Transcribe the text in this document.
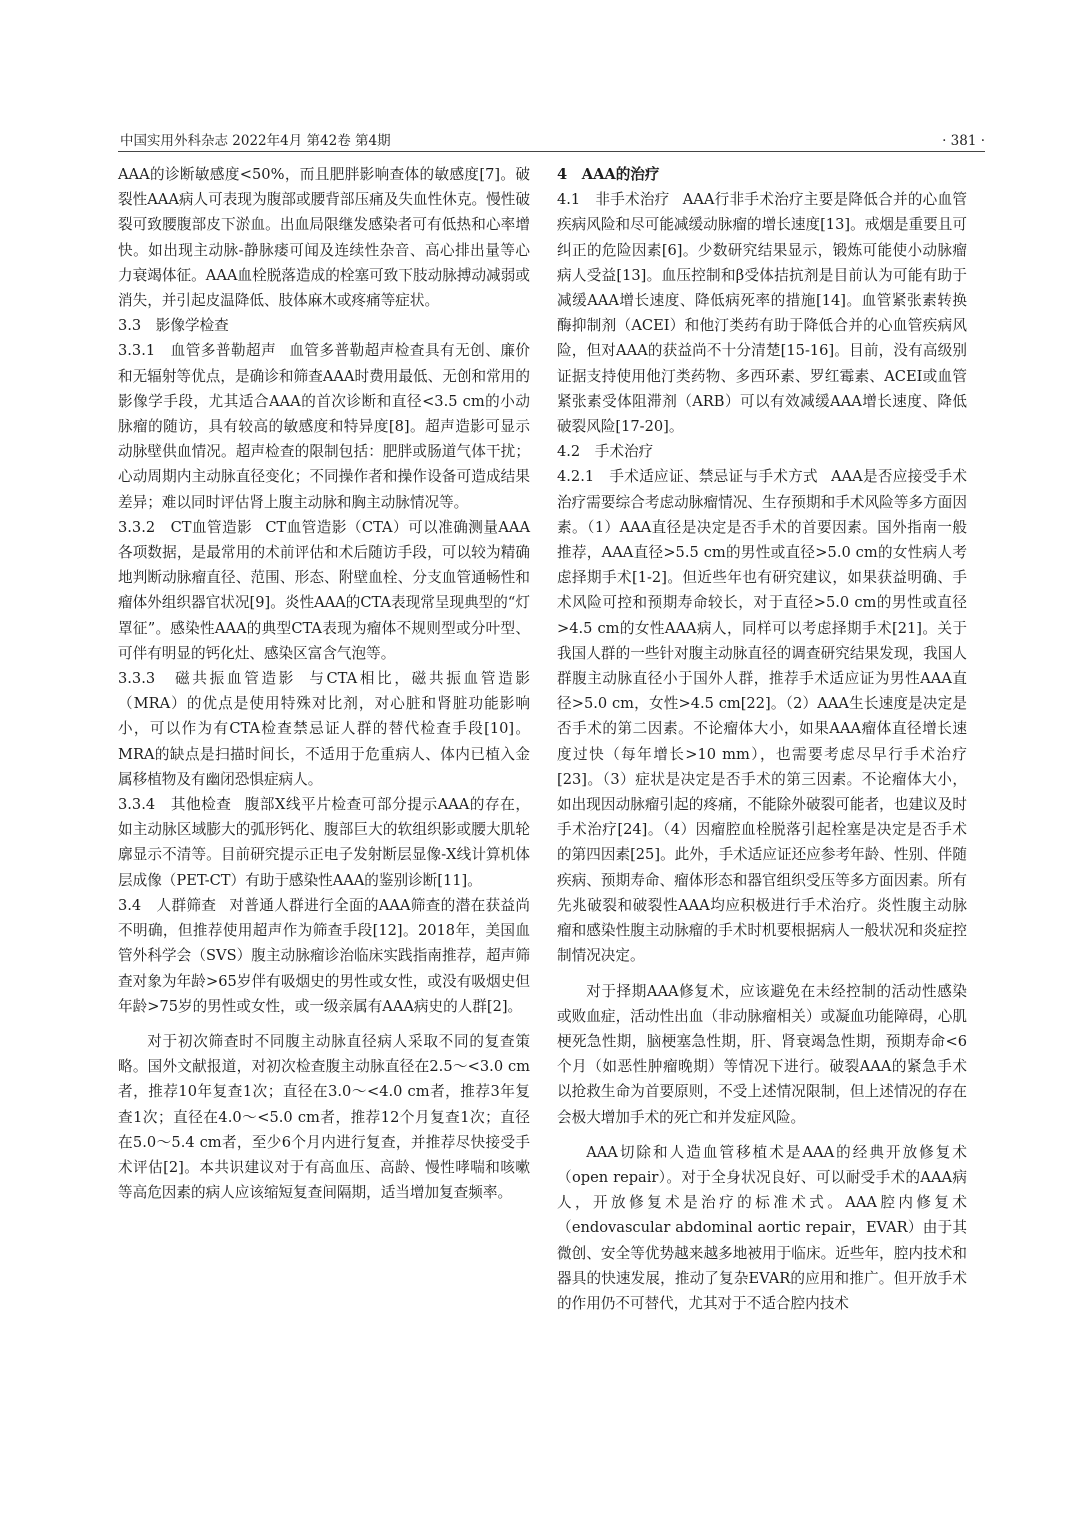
中国实用外科杂志 2022年4月 第42卷 第4期	· 381 ·

AAA的诊断敏感度<50%，而且肥胖影响查体的敏感度[7]。破裂性AAA病人可表现为腹部或腰背部压痛及失血性休克。慢性破裂可致腰腹部皮下淤血。出血局限继发感染者可有低热和心率增快。如出现主动脉-静脉瘘可闻及连续性杂音、高心排出量等心力衰竭体征。AAA血栓脱落造成的栓塞可致下肢动脉搏动减弱或消失，并引起皮温降低、肢体麻木或疼痛等症状。

3.3　影像学检查

3.3.1　血管多普勒超声 血管多普勒超声检查具有无创、廉价和无辐射等优点，是确诊和筛查AAA时费用最低、无创和常用的影像学手段，尤其适合AAA的首次诊断和直径<3.5 cm的小动脉瘤的随访，具有较高的敏感度和特异度[8]。超声造影可显示动脉壁供血情况。超声检查的限制包括：肥胖或肠道气体干扰；心动周期内主动脉直径变化；不同操作者和操作设备可造成结果差异；难以同时评估肾上腹主动脉和胸主动脉情况等。

3.3.2　CT血管造影 CT血管造影（CTA）可以准确测量AAA各项数据，是最常用的术前评估和术后随访手段，可以较为精确地判断动脉瘤直径、范围、形态、附壁血栓、分支血管通畅性和瘤体外组织器官状况[9]。炎性AAA的CTA表现常呈现典型的“灯罩征”。感染性AAA的典型CTA表现为瘤体不规则型或分叶型、可伴有明显的钙化灶、感染区富含气泡等。

3.3.3　磁共振血管造影 与CTA相比，磁共振血管造影（MRA）的优点是使用特殊对比剂，对心脏和肾脏功能影响小，可以作为有CTA检查禁忌证人群的替代检查手段[10]。MRA的缺点是扫描时间长，不适用于危重病人、体内已植入金属移植物及有幽闭恐惧症病人。

3.3.4　其他检查 腹部X线平片检查可部分提示AAA的存在，如主动脉区域膨大的弧形钙化、腹部巨大的软组织影或腰大肌轮廓显示不清等。目前研究提示正电子发射断层显像-X线计算机体层成像（PET-CT）有助于感染性AAA的鉴别诊断[11]。

3.4　人群筛查 对普通人群进行全面的AAA筛查的潜在获益尚不明确，但推荐使用超声作为筛查手段[12]。2018年，美国血管外科学会（SVS）腹主动脉瘤诊治临床实践指南推荐，超声筛查对象为年龄>65岁伴有吸烟史的男性或女性，或没有吸烟史但年龄>75岁的男性或女性，或一级亲属有AAA病史的人群[2]。

对于初次筛查时不同腹主动脉直径病人采取不同的复查策略。国外文献报道，对初次检查腹主动脉直径在2.5～<3.0 cm者，推荐10年复查1次；直径在3.0～<4.0 cm者，推荐3年复查1次；直径在4.0～<5.0 cm者，推荐12个月复查1次；直径在5.0～5.4 cm者，至少6个月内进行复查，并推荐尽快接受手术评估[2]。本共识建议对于有高血压、高龄、慢性哮喘和咳嗽等高危因素的病人应该缩短复查间隔期，适当增加复查频率。

4　AAA的治疗

4.1　非手术治疗 AAA行非手术治疗主要是降低合并的心血管疾病风险和尽可能减缓动脉瘤的增长速度[13]。戒烟是重要且可纠正的危险因素[6]。少数研究结果显示，锻炼可能使小动脉瘤病人受益[13]。血压控制和β受体拮抗剂是目前认为可能有助于减缓AAA增长速度、降低病死率的措施[14]。血管紧张素转换酶抑制剂（ACEI）和他汀类药有助于降低合并的心血管疾病风险，但对AAA的获益尚不十分清楚[15-16]。目前，没有高级别证据支持使用他汀类药物、多西环素、罗红霉素、ACEI或血管紧张素受体阻滞剂（ARB）可以有效减缓AAA增长速度、降低破裂风险[17-20]。

4.2　手术治疗

4.2.1　手术适应证、禁忌证与手术方式 AAA是否应接受手术治疗需要综合考虑动脉瘤情况、生存预期和手术风险等多方面因素。（1）AAA直径是决定是否手术的首要因素。国外指南一般推荐，AAA直径>5.5 cm的男性或直径>5.0 cm的女性病人考虑择期手术[1-2]。但近些年也有研究建议，如果获益明确、手术风险可控和预期寿命较长，对于直径>5.0 cm的男性或直径>4.5 cm的女性AAA病人，同样可以考虑择期手术[21]。关于我国人群的一些针对腹主动脉直径的调查研究结果发现，我国人群腹主动脉直径小于国外人群，推荐手术适应证为男性AAA直径>5.0 cm，女性>4.5 cm[22]。（2）AAA生长速度是决定是否手术的第二因素。不论瘤体大小，如果AAA瘤体直径增长速度过快（每年增长>10 mm），也需要考虑尽早行手术治疗[23]。（3）症状是决定是否手术的第三因素。不论瘤体大小，如出现因动脉瘤引起的疼痛，不能除外破裂可能者，也建议及时手术治疗[24]。（4）因瘤腔血栓脱落引起栓塞是决定是否手术的第四因素[25]。此外，手术适应证还应参考年龄、性别、伴随疾病、预期寿命、瘤体形态和器官组织受压等多方面因素。所有先兆破裂和破裂性AAA均应积极进行手术治疗。炎性腹主动脉瘤和感染性腹主动脉瘤的手术时机要根据病人一般状况和炎症控制情况决定。

对于择期AAA修复术，应该避免在未经控制的活动性感染或败血症，活动性出血（非动脉瘤相关）或凝血功能障碍，心肌梗死急性期，脑梗塞急性期，肝、肾衰竭急性期，预期寿命<6个月（如恶性肿瘤晚期）等情况下进行。破裂AAA的紧急手术以抢救生命为首要原则，不受上述情况限制，但上述情况的存在会极大增加手术的死亡和并发症风险。

AAA切除和人造血管移植术是AAA的经典开放修复术（open repair）。对于全身状况良好、可以耐受手术的AAA病人，开放修复术是治疗的标准术式。AAA腔内修复术（endovascular abdominal aortic repair，EVAR）由于其微创、安全等优势越来越多地被用于临床。近些年，腔内技术和器具的快速发展，推动了复杂EVAR的应用和推广。但开放手术的作用仍不可替代，尤其对于不适合腔内技术
